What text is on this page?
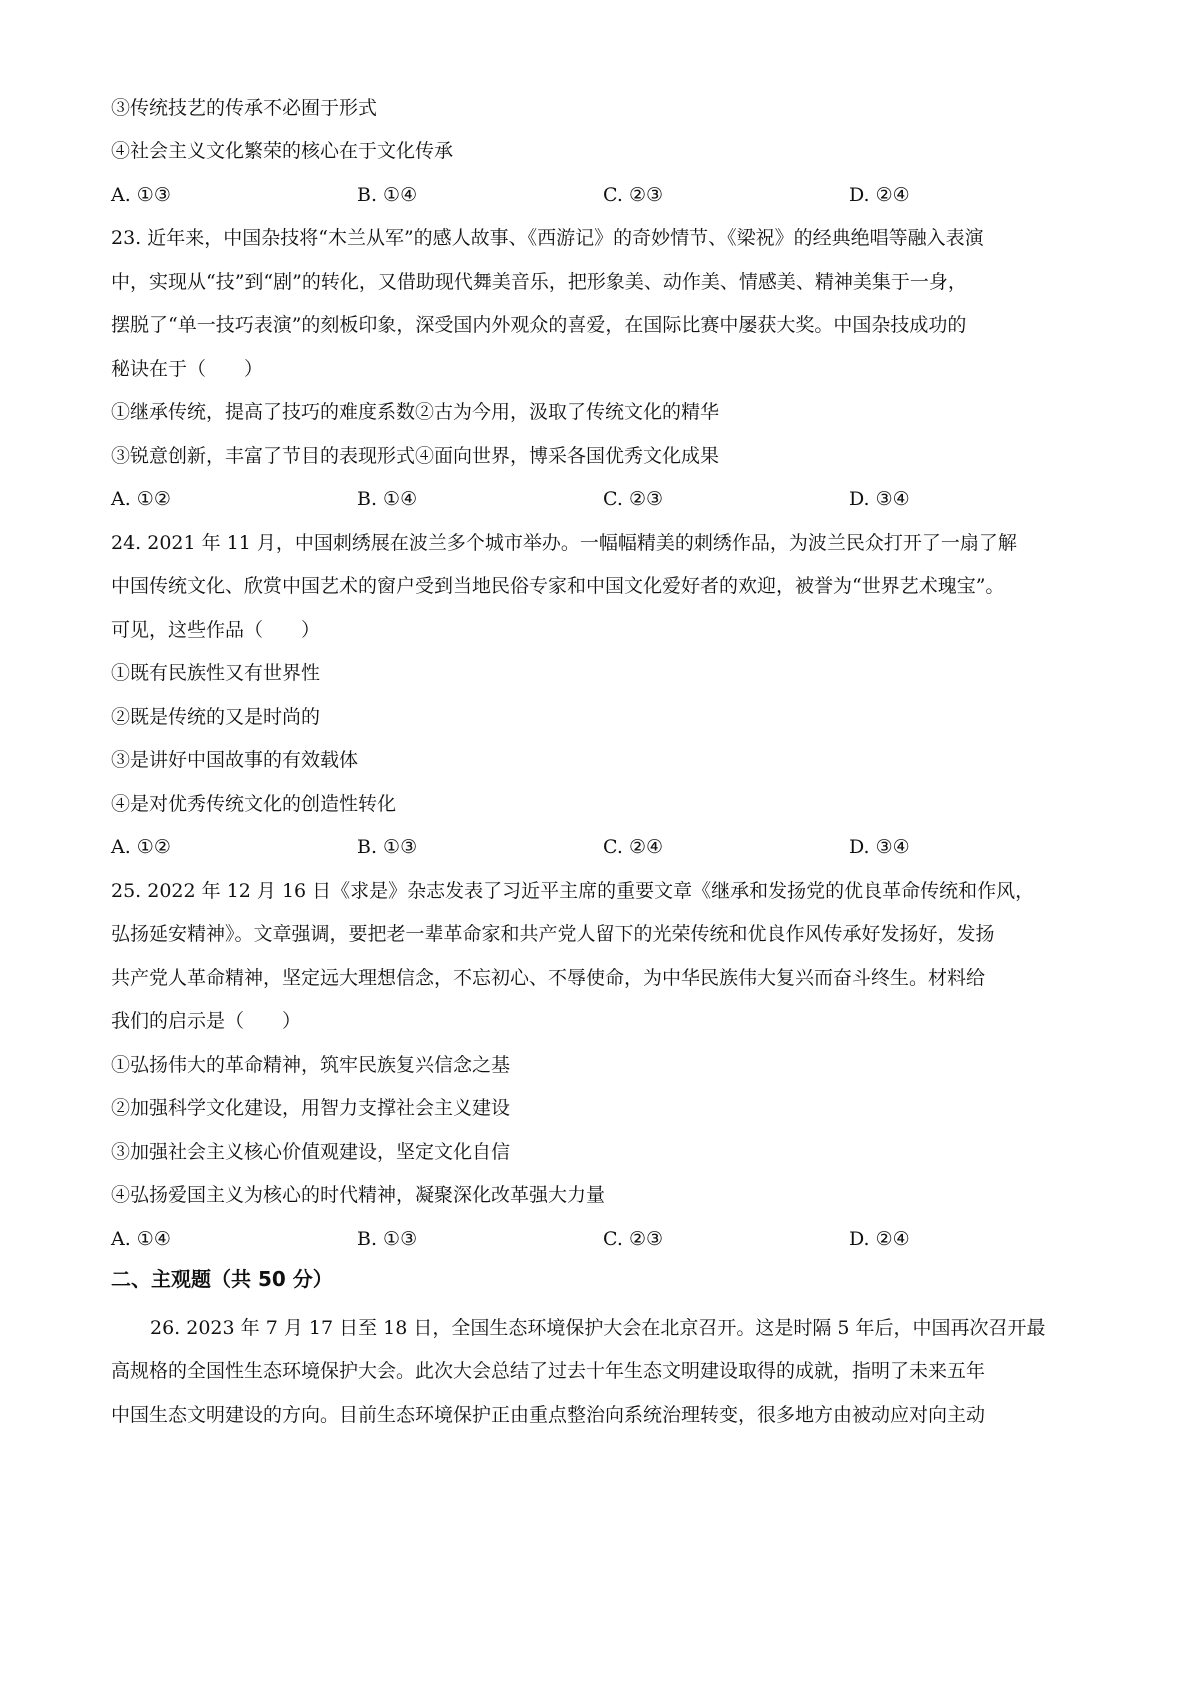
③传统技艺的传承不必囿于形式
④社会主义文化繁荣的核心在于文化传承
A. ①③	B. ①④	C. ②③	D. ②④
23. 近年来，中国杂技将“木兰从军”的感人故事、《西游记》的奇妙情节、《梁祝》的经典绝唱等融入表演
中，实现从“技”到“剧”的转化，又借助现代舞美音乐，把形象美、动作美、情感美、精神美集于一身，
摆脱了“单一技巧表演”的刻板印象，深受国内外观众的喜爱，在国际比赛中屡获大奖。中国杂技成功的
秘诀在于（　　）
①继承传统，提高了技巧的难度系数②古为今用，汲取了传统文化的精华
③锐意创新，丰富了节目的表现形式④面向世界，博采各国优秀文化成果
A. ①②	B. ①④	C. ②③	D. ③④
24. 2021 年 11 月，中国刺绣展在波兰多个城市举办。一幅幅精美的刺绣作品，为波兰民众打开了一扇了解
中国传统文化、欣赏中国艺术的窗户受到当地民俗专家和中国文化爱好者的欢迎，被誉为“世界艺术瑰宝”。
可见，这些作品（　　）
①既有民族性又有世界性
②既是传统的又是时尚的
③是讲好中国故事的有效载体
④是对优秀传统文化的创造性转化
A. ①②	B. ①③	C. ②④	D. ③④
25. 2022 年 12 月 16 日《求是》杂志发表了习近平主席的重要文章《继承和发扬党的优良革命传统和作风，
弘扬延安精神》。文章强调，要把老一辈革命家和共产党人留下的光荣传统和优良作风传承好发扬好，发扬
共产党人革命精神，坚定远大理想信念，不忘初心、不辱使命，为中华民族伟大复兴而奋斗终生。材料给
我们的启示是（　　）
①弘扬伟大的革命精神，筑牢民族复兴信念之基
②加强科学文化建设，用智力支撑社会主义建设
③加强社会主义核心价值观建设，坚定文化自信
④弘扬爱国主义为核心的时代精神，凝聚深化改革强大力量
A. ①④	B. ①③	C. ②③	D. ②④
二、主观题（共 50 分）
26. 2023 年 7 月 17 日至 18 日，全国生态环境保护大会在北京召开。这是时隔 5 年后，中国再次召开最
高规格的全国性生态环境保护大会。此次大会总结了过去十年生态文明建设取得的成就，指明了未来五年
中国生态文明建设的方向。目前生态环境保护正由重点整治向系统治理转变，很多地方由被动应对向主动
